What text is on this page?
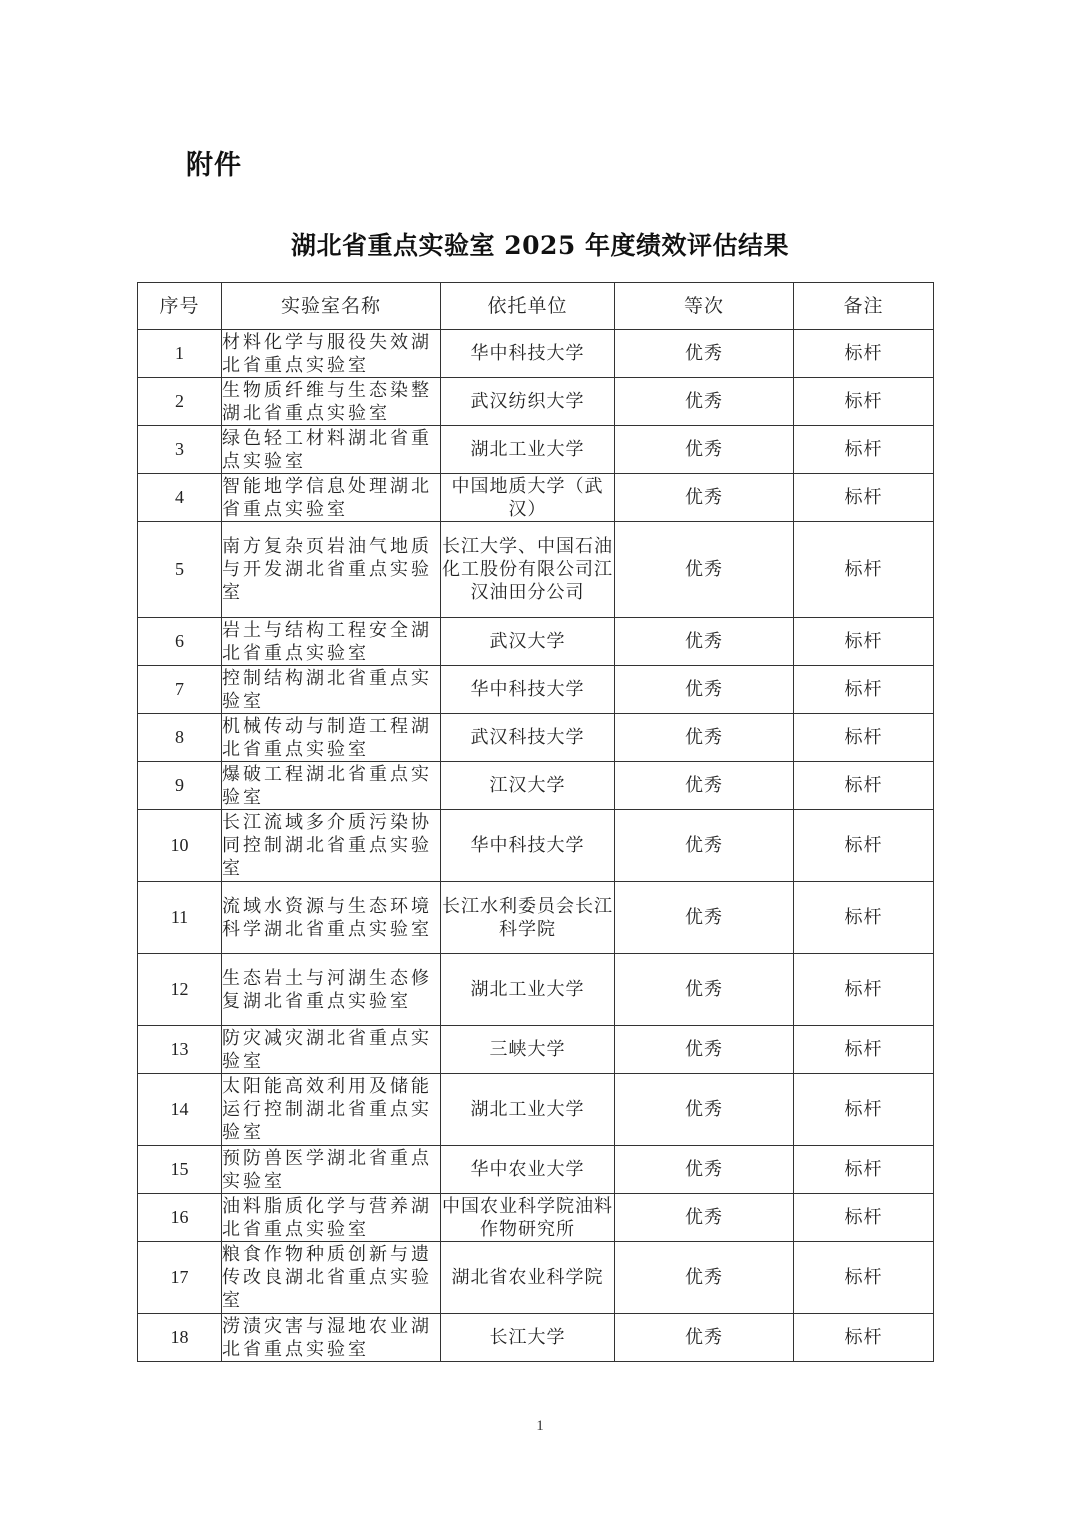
附件
湖北省重点实验室 2025 年度绩效评估结果
序号	实验室名称	依托单位	等次	备注
1	材料化学与服役失效湖北省重点实验室	华中科技大学	优秀	标杆
2	生物质纤维与生态染整湖北省重点实验室	武汉纺织大学	优秀	标杆
3	绿色轻工材料湖北省重点实验室	湖北工业大学	优秀	标杆
4	智能地学信息处理湖北省重点实验室	中国地质大学（武汉）	优秀	标杆
5	南方复杂页岩油气地质与开发湖北省重点实验室	长江大学、中国石油化工股份有限公司江汉油田分公司	优秀	标杆
6	岩土与结构工程安全湖北省重点实验室	武汉大学	优秀	标杆
7	控制结构湖北省重点实验室	华中科技大学	优秀	标杆
8	机械传动与制造工程湖北省重点实验室	武汉科技大学	优秀	标杆
9	爆破工程湖北省重点实验室	江汉大学	优秀	标杆
10	长江流域多介质污染协同控制湖北省重点实验室	华中科技大学	优秀	标杆
11	流域水资源与生态环境科学湖北省重点实验室	长江水利委员会长江科学院	优秀	标杆
12	生态岩土与河湖生态修复湖北省重点实验室	湖北工业大学	优秀	标杆
13	防灾减灾湖北省重点实验室	三峡大学	优秀	标杆
14	太阳能高效利用及储能运行控制湖北省重点实验室	湖北工业大学	优秀	标杆
15	预防兽医学湖北省重点实验室	华中农业大学	优秀	标杆
16	油料脂质化学与营养湖北省重点实验室	中国农业科学院油料作物研究所	优秀	标杆
17	粮食作物种质创新与遗传改良湖北省重点实验室	湖北省农业科学院	优秀	标杆
18	涝渍灾害与湿地农业湖北省重点实验室	长江大学	优秀	标杆
1
